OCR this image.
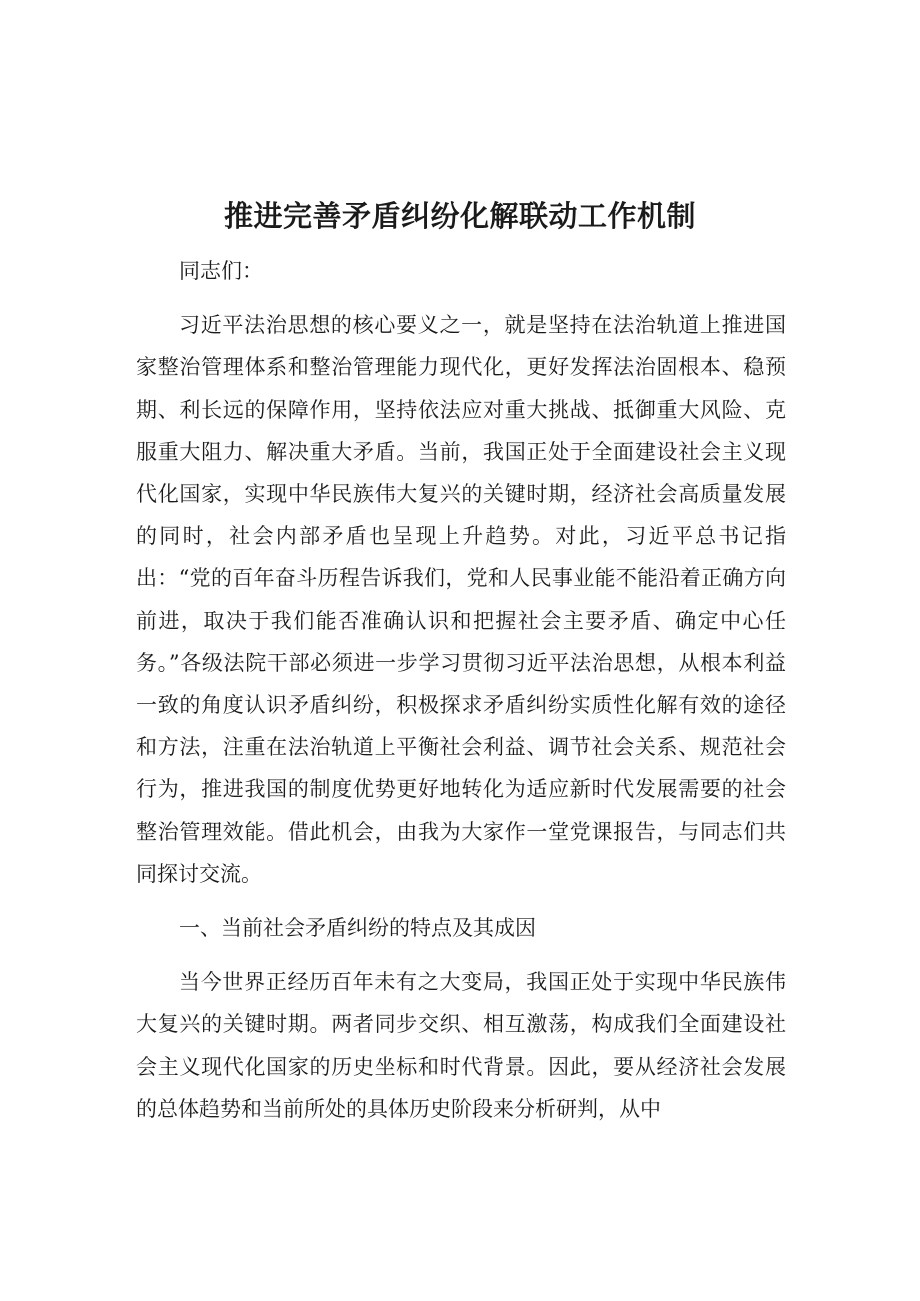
推进完善矛盾纠纷化解联动工作机制

同志们：

习近平法治思想的核心要义之一，就是坚持在法治轨道上推进国家整治管理体系和整治管理能力现代化，更好发挥法治固根本、稳预期、利长远的保障作用，坚持依法应对重大挑战、抵御重大风险、克服重大阻力、解决重大矛盾。当前，我国正处于全面建设社会主义现代化国家，实现中华民族伟大复兴的关键时期，经济社会高质量发展的同时，社会内部矛盾也呈现上升趋势。对此，习近平总书记指出：“党的百年奋斗历程告诉我们，党和人民事业能不能沿着正确方向前进，取决于我们能否准确认识和把握社会主要矛盾、确定中心任务。”各级法院干部必须进一步学习贯彻习近平法治思想，从根本利益一致的角度认识矛盾纠纷，积极探求矛盾纠纷实质性化解有效的途径和方法，注重在法治轨道上平衡社会利益、调节社会关系、规范社会行为，推进我国的制度优势更好地转化为适应新时代发展需要的社会整治管理效能。借此机会，由我为大家作一堂党课报告，与同志们共同探讨交流。

一、当前社会矛盾纠纷的特点及其成因

当今世界正经历百年未有之大变局，我国正处于实现中华民族伟大复兴的关键时期。两者同步交织、相互激荡，构成我们全面建设社会主义现代化国家的历史坐标和时代背景。因此，要从经济社会发展的总体趋势和当前所处的具体历史阶段来分析研判，从中
